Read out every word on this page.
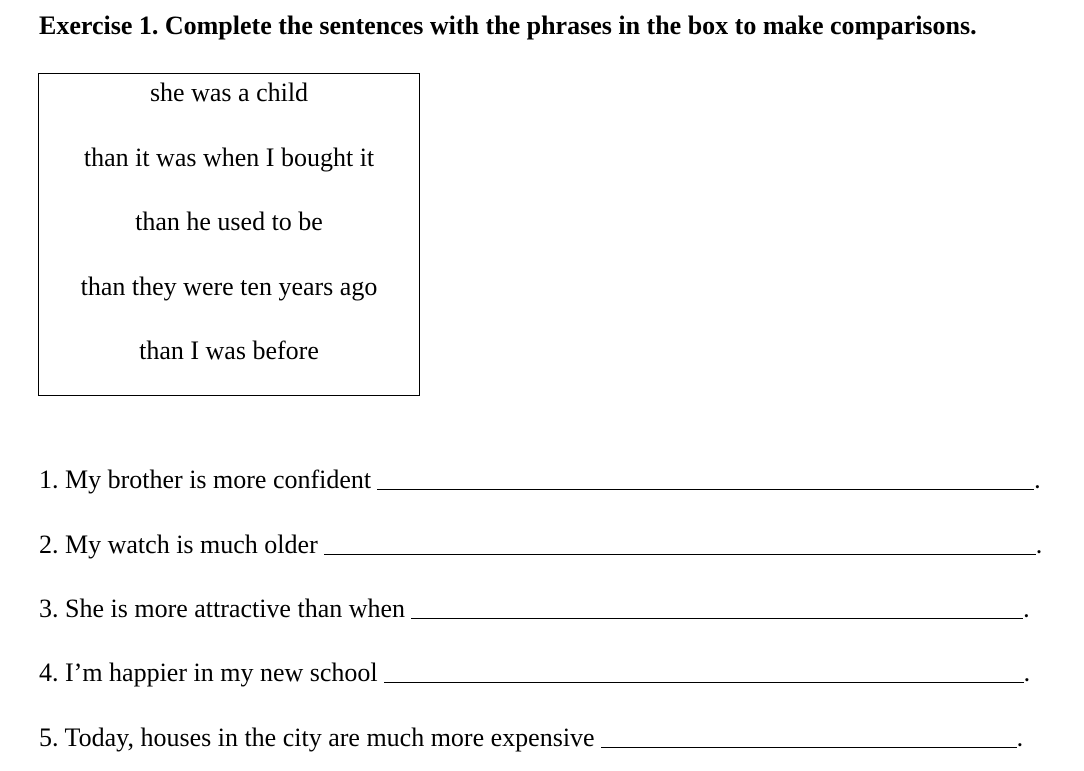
Exercise 1. Complete the sentences with the phrases in the box to make comparisons.
she was a child
than it was when I bought it
than he used to be
than they were ten years ago
than I was before
1. My brother is more confident	.
2. My watch is much older	.
3. She is more attractive than when	.
4. I’m happier in my new school	.
5. Today, houses in the city are much more expensive	.
